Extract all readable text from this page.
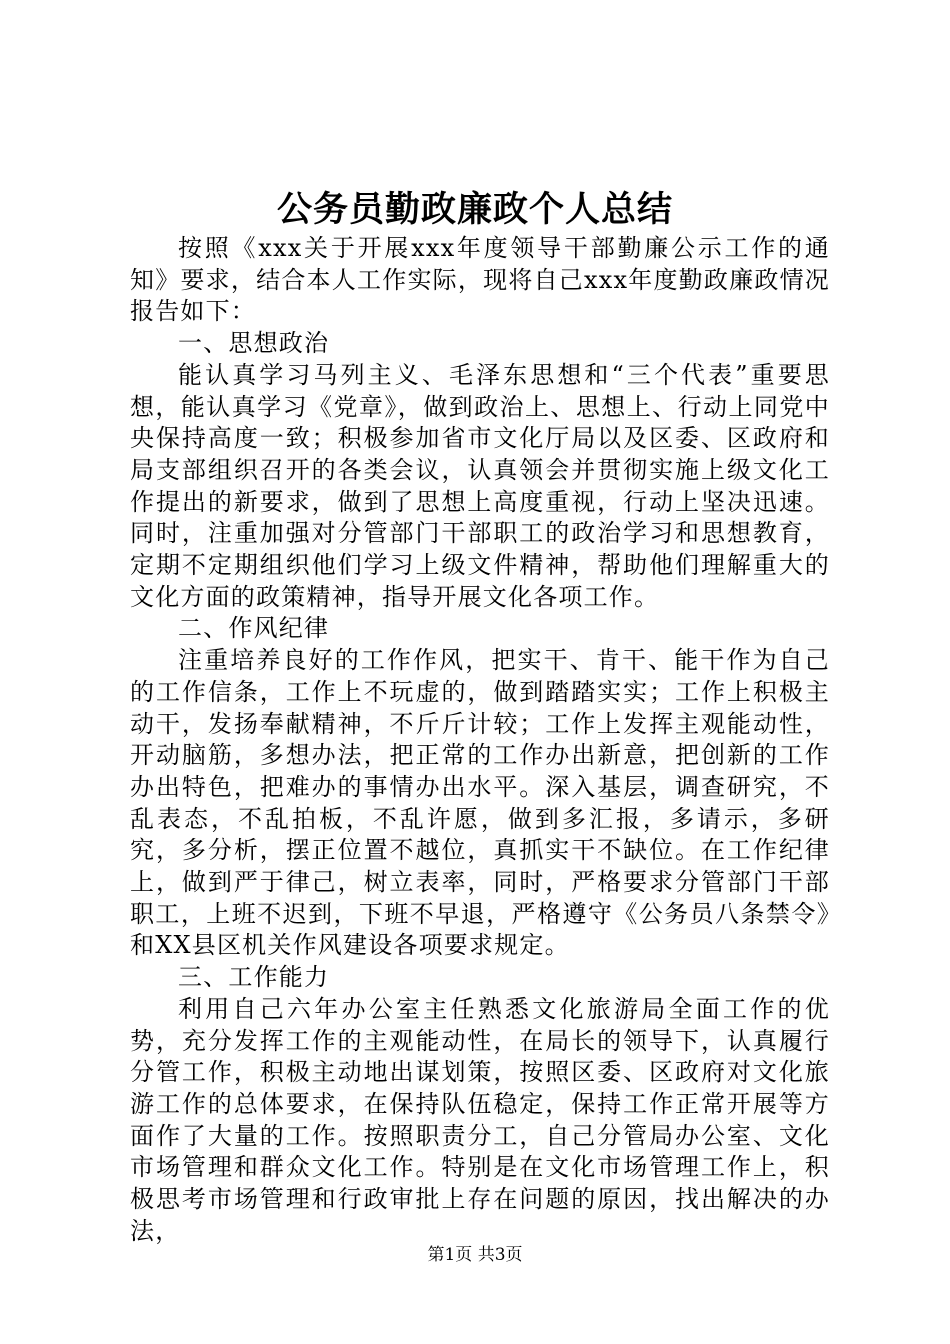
公务员勤政廉政个人总结

按照《xxx关于开展xxx年度领导干部勤廉公示工作的通知》要求，结合本人工作实际，现将自己xxx年度勤政廉政情况报告如下：

一、思想政治

能认真学习马列主义、毛泽东思想和“三个代表”重要思想，能认真学习《党章》，做到政治上、思想上、行动上同党中央保持高度一致；积极参加省市文化厅局以及区委、区政府和局支部组织召开的各类会议，认真领会并贯彻实施上级文化工作提出的新要求，做到了思想上高度重视，行动上坚决迅速。同时，注重加强对分管部门干部职工的政治学习和思想教育，定期不定期组织他们学习上级文件精神，帮助他们理解重大的文化方面的政策精神，指导开展文化各项工作。

二、作风纪律

注重培养良好的工作作风，把实干、肯干、能干作为自己的工作信条，工作上不玩虚的，做到踏踏实实；工作上积极主动干，发扬奉献精神，不斤斤计较；工作上发挥主观能动性，开动脑筋，多想办法，把正常的工作办出新意，把创新的工作办出特色，把难办的事情办出水平。深入基层，调查研究，不乱表态，不乱拍板，不乱许愿，做到多汇报，多请示，多研究，多分析，摆正位置不越位，真抓实干不缺位。在工作纪律上，做到严于律己，树立表率，同时，严格要求分管部门干部职工，上班不迟到，下班不早退，严格遵守《公务员八条禁令》和XX县区机关作风建设各项要求规定。

三、工作能力

利用自己六年办公室主任熟悉文化旅游局全面工作的优势，充分发挥工作的主观能动性，在局长的领导下，认真履行分管工作，积极主动地出谋划策，按照区委、区政府对文化旅游工作的总体要求，在保持队伍稳定，保持工作正常开展等方面作了大量的工作。按照职责分工，自己分管局办公室、文化市场管理和群众文化工作。特别是在文化市场管理工作上，积极思考市场管理和行政审批上存在问题的原因，找出解决的办法，

第1页 共3页
